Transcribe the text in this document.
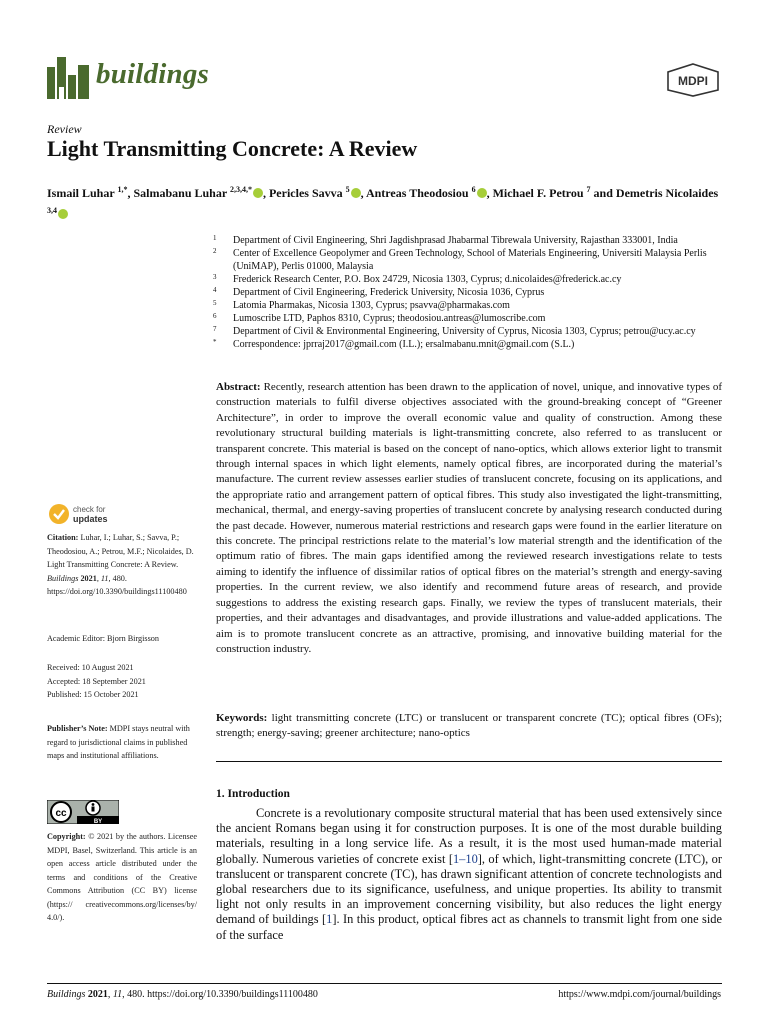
buildings	MDPI
Review
Light Transmitting Concrete: A Review
Ismail Luhar $^{1,*}$, Salmabanu Luhar $^{2,3,4,*}$ , Pericles Savva $^5$ , Antreas Theodosiou $^6$ , Michael F. Petrou $^7$ and Demetris Nicolaides $^{3,4}$
1 Department of Civil Engineering, Shri Jagdishprasad Jhabarmal Tibrewala University, Rajasthan 333001, India
2 Center of Excellence Geopolymer and Green Technology, School of Materials Engineering, Universiti Malaysia Perlis (UniMAP), Perlis 01000, Malaysia
3 Frederick Research Center, P.O. Box 24729, Nicosia 1303, Cyprus; d.nicolaides@frederick.ac.cy
4 Department of Civil Engineering, Frederick University, Nicosia 1036, Cyprus
5 Latomia Pharmakas, Nicosia 1303, Cyprus; psavva@pharmakas.com
6 Lumoscribe LTD, Paphos 8310, Cyprus; theodosiou.antreas@lumoscribe.com
7 Department of Civil & Environmental Engineering, University of Cyprus, Nicosia 1303, Cyprus; petrou@ucy.ac.cy
* Correspondence: jprraj2017@gmail.com (I.L.); ersalmabanu.mnit@gmail.com (S.L.)
check for
updates
Citation: Luhar, I.; Luhar, S.; Savva, P.; Theodosiou, A.; Petrou, M.F.; Nicolaides, D. Light Transmitting Concrete: A Review. Buildings 2021, 11, 480. https://doi.org/10.3390/buildings11100480
Academic Editor: Bjorn Birgisson
Received: 10 August 2021
Accepted: 18 September 2021
Published: 15 October 2021
Publisher’s Note: MDPI stays neutral with regard to jurisdictional claims in published maps and institutional affiliations.
cc
BY
Copyright: © 2021 by the authors. Licensee MDPI, Basel, Switzerland. This article is an open access article distributed under the terms and conditions of the Creative Commons Attribution (CC BY) license (https:// creativecommons.org/licenses/by/ 4.0/).
Abstract: Recently, research attention has been drawn to the application of novel, unique, and innovative types of construction materials to fulfil diverse objectives associated with the ground-breaking concept of “Greener Architecture”, in order to improve the overall economic value and quality of construction. Among these revolutionary structural building materials is light-transmitting concrete, also referred to as translucent or transparent concrete. This material is based on the concept of nano-optics, which allows exterior light to transmit through internal spaces in which light elements, namely optical fibres, are incorporated during the material’s manufacture. The current review assesses earlier studies of translucent concrete, focusing on its applications, and the appropriate ratio and arrangement pattern of optical fibres. This study also investigated the light-transmitting, mechanical, thermal, and energy-saving properties of translucent concrete by analysing research conducted during the past decade. However, numerous material restrictions and research gaps were found in the earlier literature on this concrete. The principal restrictions relate to the material’s low material strength and the identification of the optimum ratio of fibres. The main gaps identified among the reviewed research investigations relate to tests aiming to identify the influence of dissimilar ratios of optical fibres on the material’s strength and energy-saving properties. In the current review, we also identify and recommend future areas of research, and provide suggestions to address the existing research gaps. Finally, we review the types of translucent materials, their properties, and their advantages and disadvantages, and provide illustrations and value-added applications. The aim is to promote translucent concrete as an attractive, promising, and innovative building material for the construction industry.
Keywords: light transmitting concrete (LTC) or translucent or transparent concrete (TC); optical fibres (OFs); strength; energy-saving; greener architecture; nano-optics
1. Introduction

Concrete is a revolutionary composite structural material that has been used extensively since the ancient Romans began using it for construction purposes. It is one of the most durable building materials, resulting in a long service life. As a result, it is the most used human-made material globally. Numerous varieties of concrete exist [1–10], of which, light-transmitting concrete (LTC), or translucent or transparent concrete (TC), has drawn significant attention of concrete technologists and global researchers due to its significance, usefulness, and unique properties. Its ability to transmit light not only results in an improvement concerning visibility, but also reduces the light energy demand of buildings [1]. In this product, optical fibres act as channels to transmit light from one side of the surface

Buildings 2021, 11, 480. https://doi.org/10.3390/buildings11100480	https://www.mdpi.com/journal/buildings
